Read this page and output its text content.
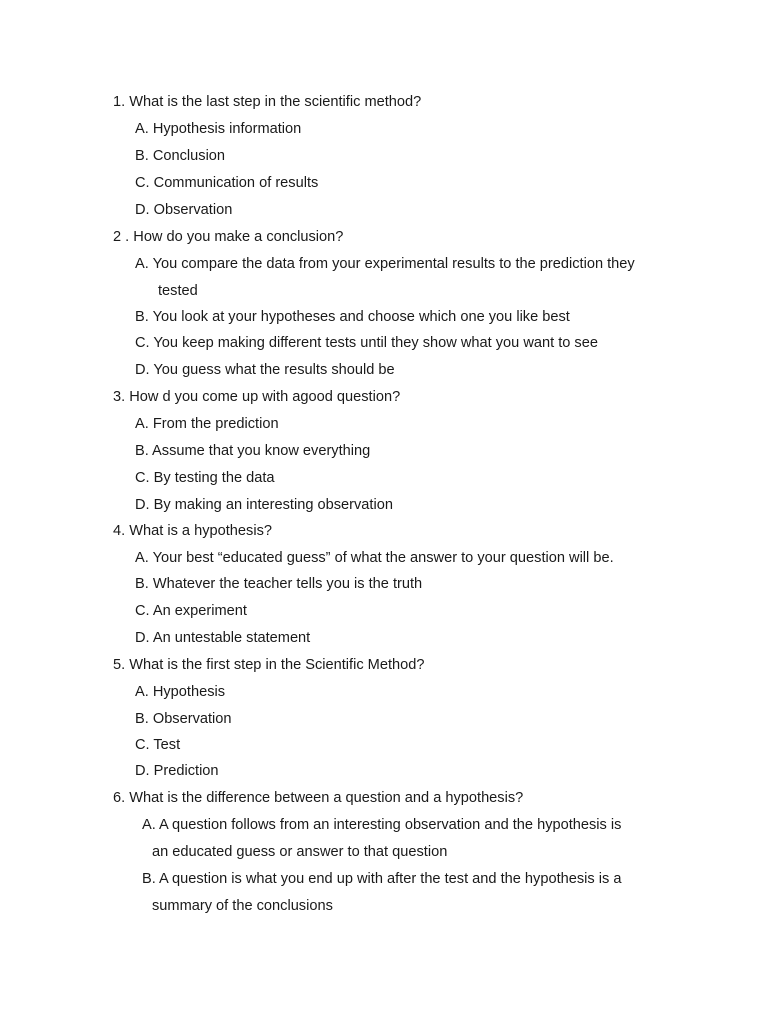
1. What is the last step in the scientific method?
A. Hypothesis information
B. Conclusion
C. Communication of results
D. Observation
2 . How do you make a conclusion?
A. You compare the data from your experimental results to the prediction they
tested
B. You look at your hypotheses and choose which one you like best
C. You keep making different tests until they show what you want to see
D. You guess what the results should be
3. How d you come up with agood question?
A. From the prediction
B. Assume that you know everything
C. By testing the data
D. By making an interesting observation
4. What is a hypothesis?
A. Your best “educated guess” of what the answer to your question will be.
B. Whatever the teacher tells you is the truth
C. An experiment
D. An untestable statement
5. What is the first step in the Scientific Method?
A. Hypothesis
B. Observation
C. Test
D. Prediction
6. What is the difference between a question and a hypothesis?
A. A question follows from an interesting observation and the hypothesis is
an educated guess or answer to that question
B. A question is what you end up with after the test and the hypothesis is a
summary of the conclusions
